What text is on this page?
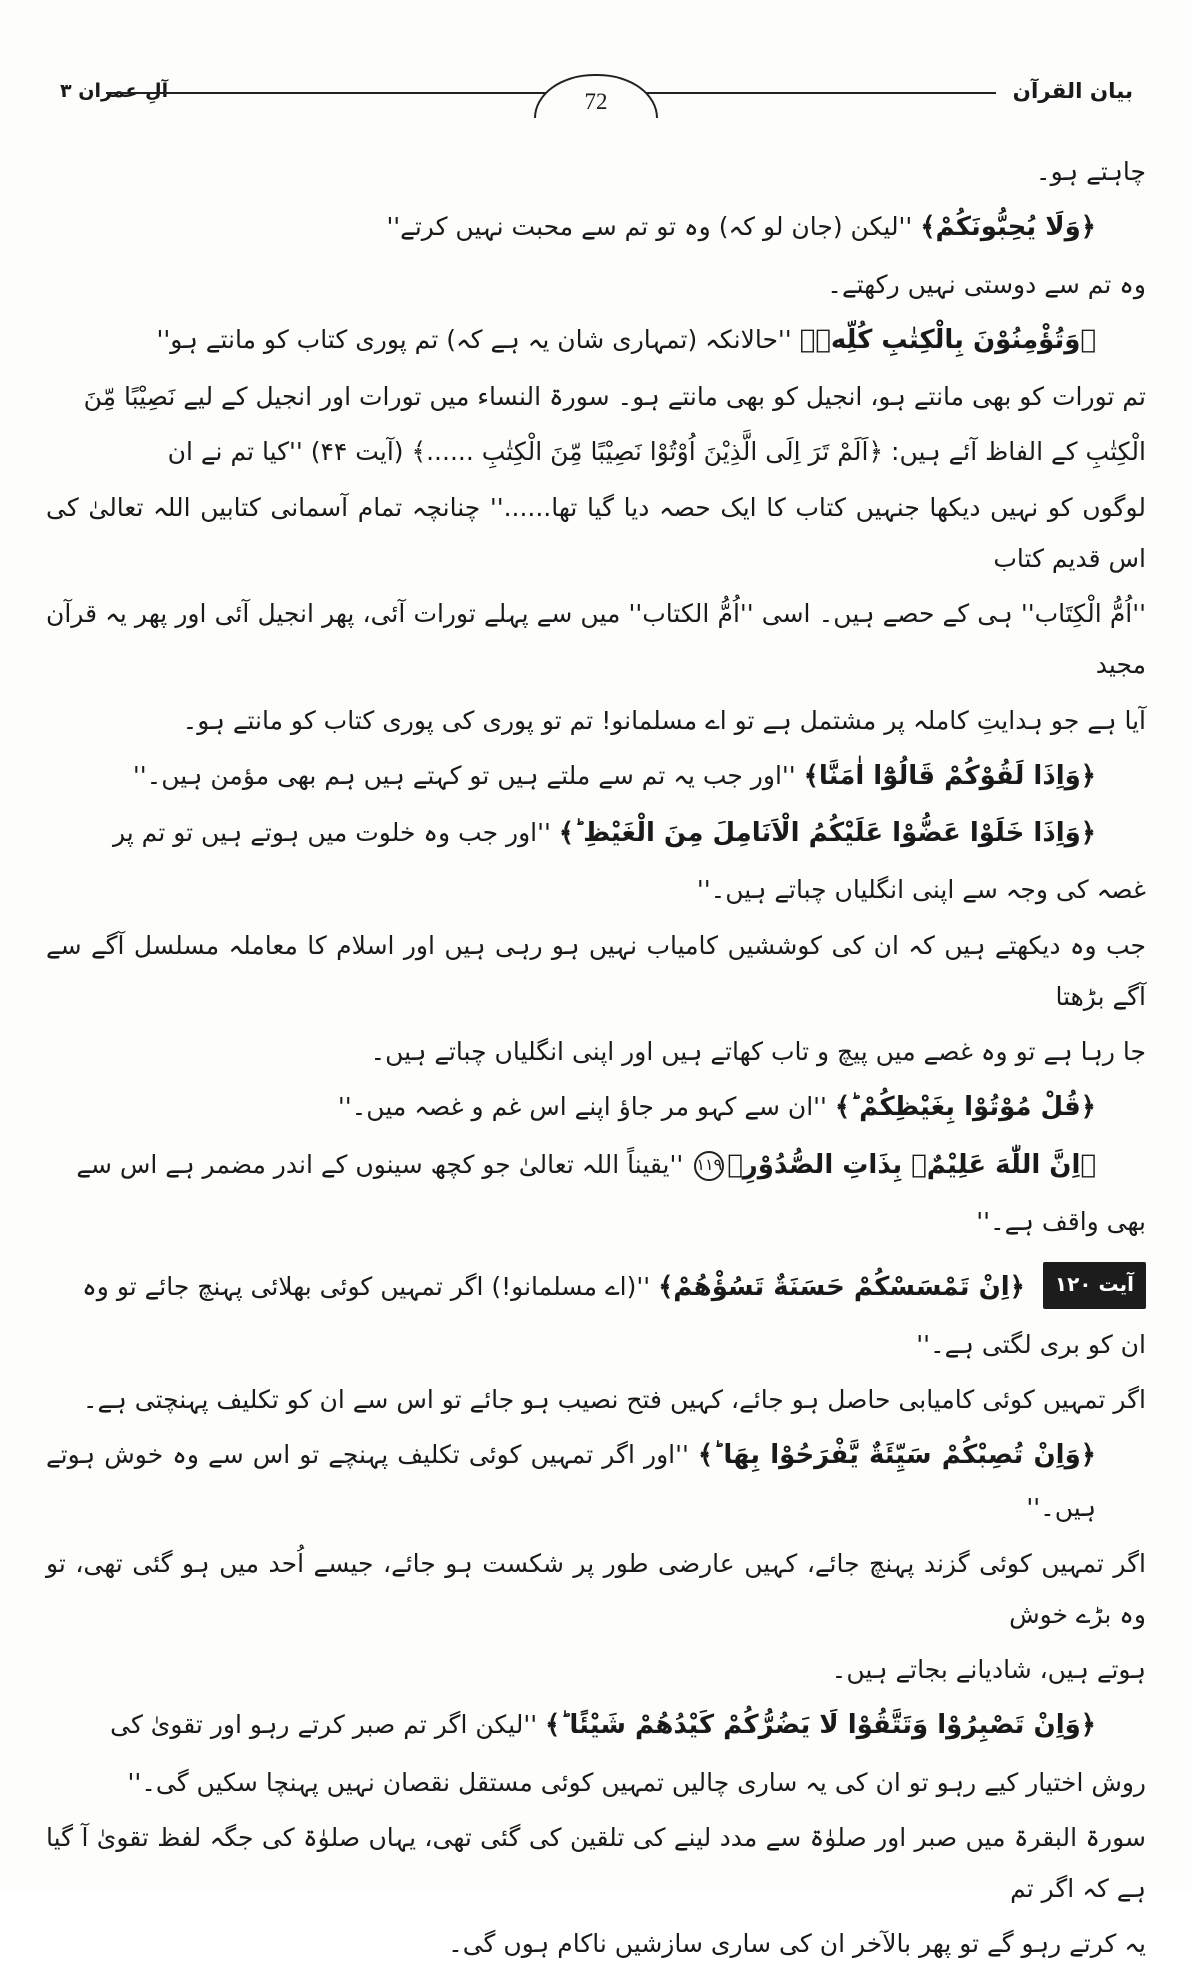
بیان القرآن
72
آلِ عمران ۳
چاہتے ہو۔
﴿وَلَا يُحِبُّونَكُمْ﴾ ''لیکن (جان لو کہ) وہ تو تم سے محبت نہیں کرتے''
وہ تم سے دوستی نہیں رکھتے۔
﴿وَتُؤْمِنُوْنَ بِالْكِتٰبِ كُلِّهٖ﴾ ''حالانکہ (تمہاری شان یہ ہے کہ) تم پوری کتاب کو مانتے ہو''
تم تورات کو بھی مانتے ہو، انجیل کو بھی مانتے ہو۔ سورۃ النساء میں تورات اور انجیل کے لیے نَصِيْبًا مِّنَ
الْكِتٰبِ کے الفاظ آئے ہیں: ﴿اَلَمْ تَرَ اِلَى الَّذِيْنَ اُوْتُوْا نَصِيْبًا مِّنَ الْكِتٰبِ ......﴾ (آیت ۴۴) ''کیا تم نے ان
لوگوں کو نہیں دیکھا جنہیں کتاب کا ایک حصہ دیا گیا تھا......'' چنانچہ تمام آسمانی کتابیں اللہ تعالیٰ کی اس قدیم کتاب
''اُمُّ الْكِتَاب'' ہی کے حصے ہیں۔ اسی ''اُمُّ الكتاب'' میں سے پہلے تورات آئی، پھر انجیل آئی اور پھر یہ قرآن مجید
آیا ہے جو ہدایتِ کاملہ پر مشتمل ہے تو اے مسلمانو! تم تو پوری کی پوری کتاب کو مانتے ہو۔
﴿وَاِذَا لَقُوْكُمْ قَالُوْٓا اٰمَنَّا﴾ ''اور جب یہ تم سے ملتے ہیں تو کہتے ہیں ہم بھی مؤمن ہیں۔''
﴿وَاِذَا خَلَوْا عَضُّوْا عَلَيْكُمُ الْاَنَامِلَ مِنَ الْغَيْظِ ؕ﴾ ''اور جب وہ خلوت میں ہوتے ہیں تو تم پر
غصہ کی وجہ سے اپنی انگلیاں چباتے ہیں۔''
جب وہ دیکھتے ہیں کہ ان کی کوششیں کامیاب نہیں ہو رہی ہیں اور اسلام کا معاملہ مسلسل آگے سے آگے بڑھتا
جا رہا ہے تو وہ غصے میں پیچ و تاب کھاتے ہیں اور اپنی انگلیاں چباتے ہیں۔
﴿قُلْ مُوْتُوْا بِغَيْظِكُمْ ؕ﴾ ''ان سے کہو مر جاؤ اپنے اس غم و غصہ میں۔''
﴿اِنَّ اللّٰهَ عَلِيْمٌۢ بِذَاتِ الصُّدُوْرِ﴾۱۱۹ ''یقیناً اللہ تعالیٰ جو کچھ سینوں کے اندر مضمر ہے اس سے
بھی واقف ہے۔''
آیت ۱۲۰ ﴿اِنْ تَمْسَسْكُمْ حَسَنَةٌ تَسُؤْهُمْ﴾ ''(اے مسلمانو!) اگر تمہیں کوئی بھلائی پہنچ جائے تو وہ
ان کو بری لگتی ہے۔''
اگر تمہیں کوئی کامیابی حاصل ہو جائے، کہیں فتح نصیب ہو جائے تو اس سے ان کو تکلیف پہنچتی ہے۔
﴿وَاِنْ تُصِبْكُمْ سَيِّئَةٌ يَّفْرَحُوْا بِهَا ؕ﴾ ''اور اگر تمہیں کوئی تکلیف پہنچے تو اس سے وہ خوش ہوتے ہیں۔''
اگر تمہیں کوئی گزند پہنچ جائے، کہیں عارضی طور پر شکست ہو جائے، جیسے اُحد میں ہو گئی تھی، تو وہ بڑے خوش
ہوتے ہیں، شادیانے بجاتے ہیں۔
﴿وَاِنْ تَصْبِرُوْا وَتَتَّقُوْا لَا يَضُرُّكُمْ كَيْدُهُمْ شَيْئًا ؕ﴾ ''لیکن اگر تم صبر کرتے رہو اور تقویٰ کی
روش اختیار کیے رہو تو ان کی یہ ساری چالیں تمہیں کوئی مستقل نقصان نہیں پہنچا سکیں گی۔''
سورۃ البقرۃ میں صبر اور صلوٰۃ سے مدد لینے کی تلقین کی گئی تھی، یہاں صلوٰۃ کی جگہ لفظ تقویٰ آ گیا ہے کہ اگر تم
یہ کرتے رہو گے تو پھر بالآخر ان کی ساری سازشیں ناکام ہوں گی۔
